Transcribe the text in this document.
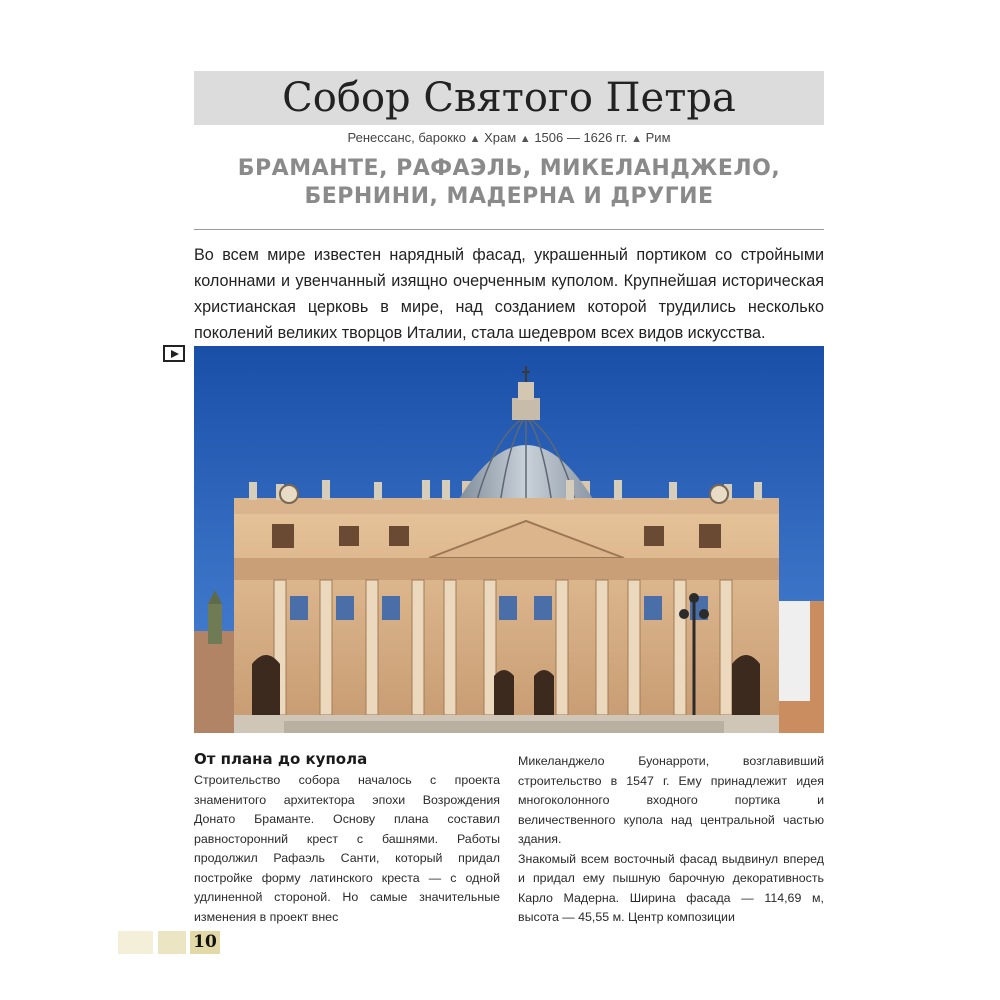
Собор Святого Петра
Ренессанс, барокко ▲ Храм ▲ 1506 — 1626 гг. ▲ Рим
БРАМАНТЕ, РАФАЭЛЬ, МИКЕЛАНДЖЕЛО,
БЕРНИНИ, МАДЕРНА И ДРУГИЕ

Во всем мире известен нарядный фасад, украшенный портиком со стройными колоннами и увенчанный изящно очерченным куполом. Крупнейшая историческая христианская церковь в мире, над созданием которой трудились несколько поколений великих творцов Италии, стала шедевром всех видов искусства.

От плана до купола

Строительство собора началось с проекта знаменитого архитектора эпохи Возрождения Донато Браманте. Основу плана составил равносторонний крест с башнями. Работы продолжил Рафаэль Санти, который придал постройке форму латинского креста — с одной удлиненной стороной. Но самые значительные изменения в проект внес

Микеланджело Буонарроти, возглавивший строительство в 1547 г. Ему принадлежит идея многоколонного входного портика и величественного купола над центральной частью здания.

Знакомый всем восточный фасад выдвинул вперед и придал ему пышную барочную декоративность Карло Мадерна. Ширина фасада — 114,69 м, высота — 45,55 м. Центр композиции

10
